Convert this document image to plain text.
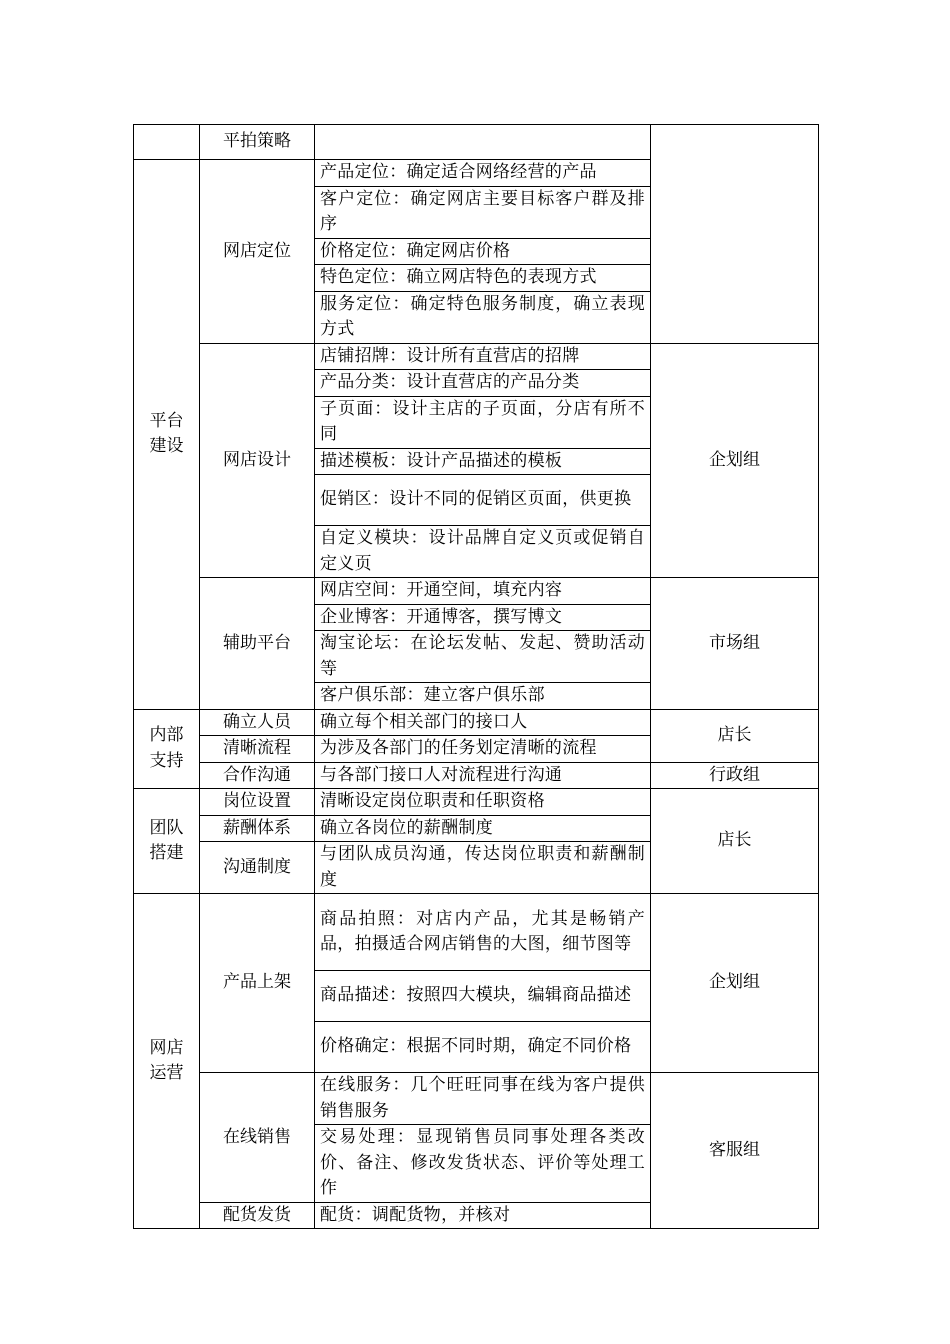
	平拍策略		

平台
建设	网店定位	产品定位：确定适合网络经营的产品	
		客户定位：确定网店主要目标客户群及排序	
		价格定位：确定网店价格	
		特色定位：确立网店特色的表现方式	
		服务定位：确定特色服务制度，确立表现方式	
	网店设计	店铺招牌：设计所有直营店的招牌	企划组
		产品分类：设计直营店的产品分类	
		子页面：设计主店的子页面，分店有所不同	
		描述模板：设计产品描述的模板	
		促销区：设计不同的促销区页面，供更换	
		自定义模块：设计品牌自定义页或促销自定义页	
	辅助平台	网店空间：开通空间，填充内容	市场组
		企业博客：开通博客，撰写博文	
		淘宝论坛：在论坛发帖、发起、赞助活动等	
		客户俱乐部：建立客户俱乐部	

内部
支持	确立人员	确立每个相关部门的接口人	店长
	清晰流程	为涉及各部门的任务划定清晰的流程	
	合作沟通	与各部门接口人对流程进行沟通	行政组

团队
搭建	岗位设置	清晰设定岗位职责和任职资格	店长
	薪酬体系	确立各岗位的薪酬制度	
	沟通制度	与团队成员沟通，传达岗位职责和薪酬制度	

网店
运营	产品上架	商品拍照：对店内产品，尤其是畅销产品，拍摄适合网店销售的大图，细节图等	企划组
		商品描述：按照四大模块，编辑商品描述	
		价格确定：根据不同时期，确定不同价格	
	在线销售	在线服务：几个旺旺同事在线为客户提供销售服务	客服组
		交易处理：显现销售员同事处理各类改价、备注、修改发货状态、评价等处理工作	
	配货发货	配货：调配货物，并核对	
